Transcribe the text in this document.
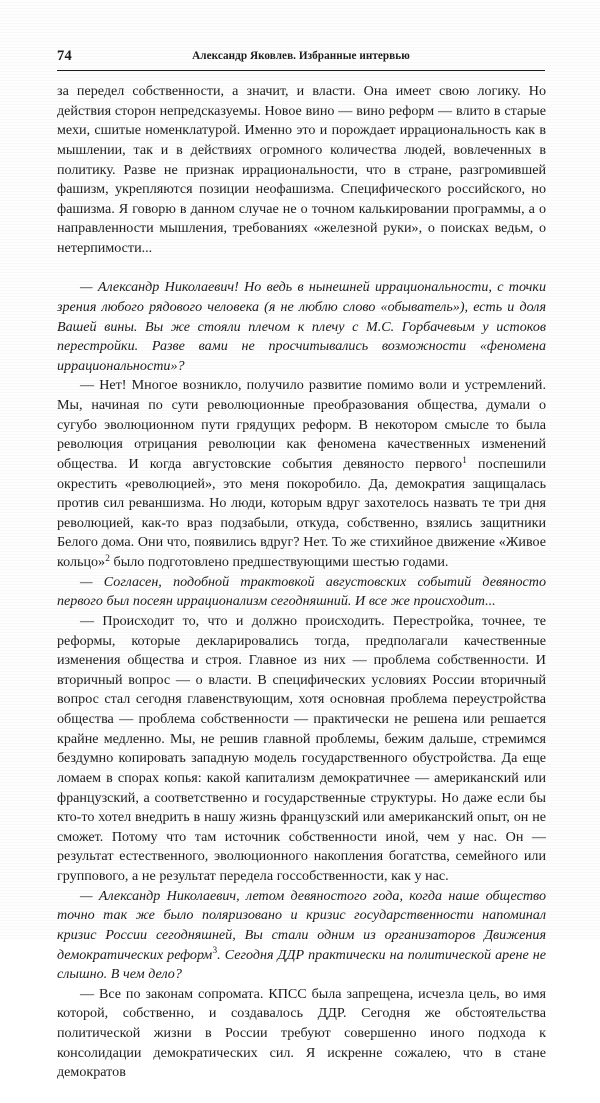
74	Александр Яковлев. Избранные интервью

за передел собственности, а значит, и власти. Она имеет свою логику. Но действия сторон непредсказуемы. Новое вино — вино реформ — влито в старые мехи, сшитые номенклатурой. Именно это и порождает иррациональность как в мышлении, так и в действиях огромного количества людей, вовлеченных в политику. Разве не признак иррациональности, что в стране, разгромившей фашизм, укрепляются позиции неофашизма. Специфического российского, но фашизма. Я говорю в данном случае не о точном калькировании программы, а о направленности мышления, требованиях «железной руки», о поисках ведьм, о нетерпимости...

— Александр Николаевич! Но ведь в нынешней иррациональности, с точки зрения любого рядового человека (я не люблю слово «обыватель»), есть и доля Вашей вины. Вы же стояли плечом к плечу с М.С. Горбачевым у истоков перестройки. Разве вами не просчитывались возможности «феномена иррациональности»?

— Нет! Многое возникло, получило развитие помимо воли и устремлений. Мы, начиная по сути революционные преобразования общества, думали о сугубо эволюционном пути грядущих реформ. В некотором смысле то была революция отрицания революции как феномена качественных изменений общества. И когда августовские события девяносто первого$^1$ поспешили окрестить «революцией», это меня покоробило. Да, демократия защищалась против сил реваншизма. Но люди, которым вдруг захотелось назвать те три дня революцией, как-то враз подзабыли, откуда, собственно, взялись защитники Белого дома. Они что, появились вдруг? Нет. То же стихийное движение «Живое кольцо»$^2$ было подготовлено предшествующими шестью годами.

— Согласен, подобной трактовкой августовских событий девяносто первого был посеян иррационализм сегодняшний. И все же происходит...

— Происходит то, что и должно происходить. Перестройка, точнее, те реформы, которые декларировались тогда, предполагали качественные изменения общества и строя. Главное из них — проблема собственности. И вторичный вопрос — о власти. В специфических условиях России вторичный вопрос стал сегодня главенствующим, хотя основная проблема переустройства общества — проблема собственности — практически не решена или решается крайне медленно. Мы, не решив главной проблемы, бежим дальше, стремимся бездумно копировать западную модель государственного обустройства. Да еще ломаем в спорах копья: какой капитализм демократичнее — американский или французский, а соответственно и государственные структуры. Но даже если бы кто-то хотел внедрить в нашу жизнь французский или американский опыт, он не сможет. Потому что там источник собственности иной, чем у нас. Он — результат естественного, эволюционного накопления богатства, семейного или группового, а не результат передела госсобственности, как у нас.

— Александр Николаевич, летом девяностого года, когда наше общество точно так же было поляризовано и кризис государственности напоминал кризис России сегодняшней, Вы стали одним из организаторов Движения демократических реформ$^3$. Сегодня ДДР практически на политической арене не слышно. В чем дело?

— Все по законам сопромата. КПСС была запрещена, исчезла цель, во имя которой, собственно, и создавалось ДДР. Сегодня же обстоятельства политической жизни в России требуют совершенно иного подхода к консолидации демократических сил. Я искренне сожалею, что в стане демократов
